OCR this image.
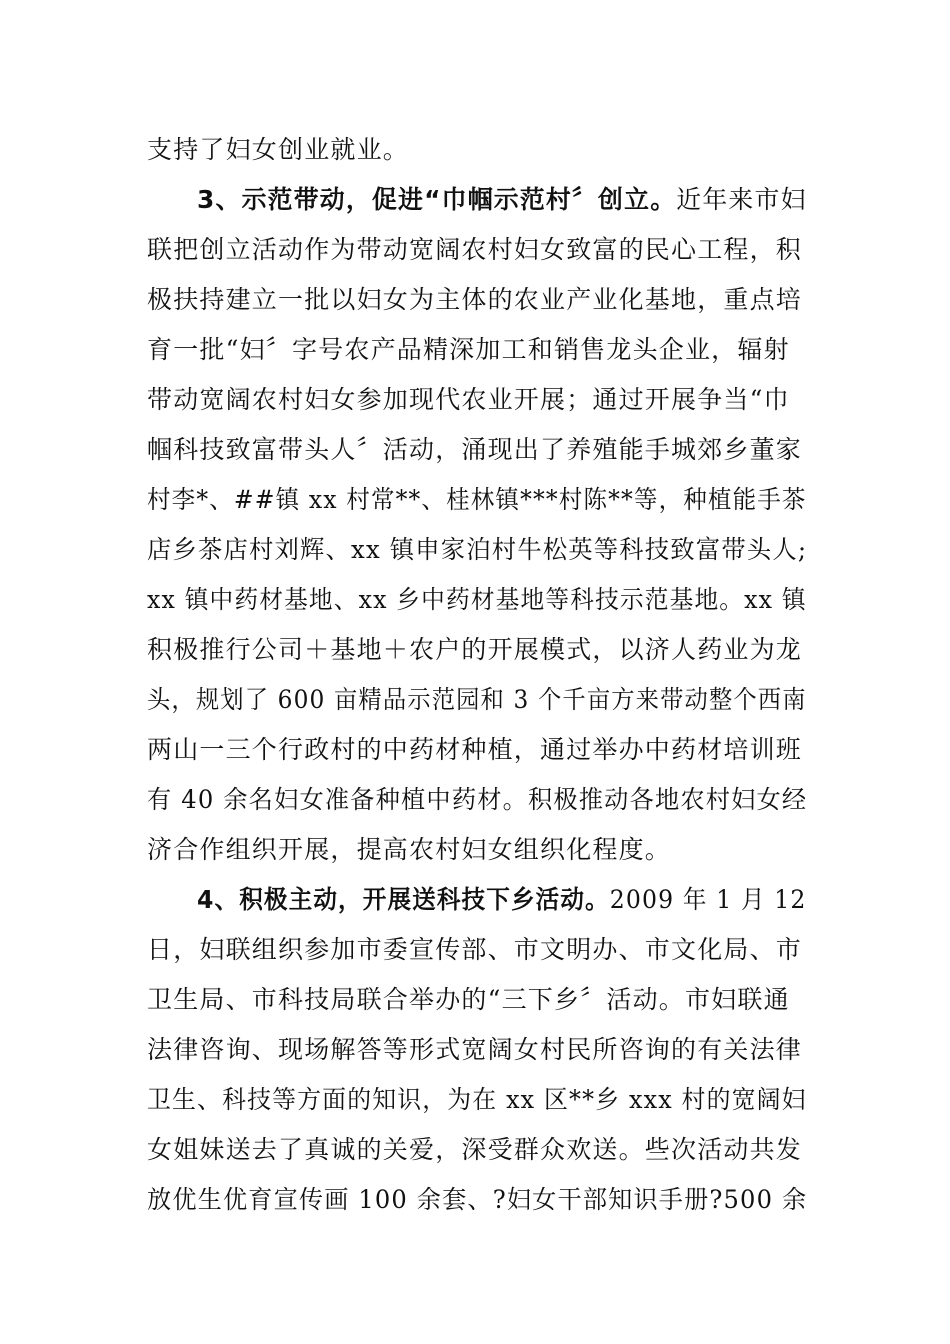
支持了妇女创业就业。
3、示范带动，促进“巾帼示范村〞创立。近年来市妇
联把创立活动作为带动宽阔农村妇女致富的民心工程，积
极扶持建立一批以妇女为主体的农业产业化基地，重点培
育一批“妇〞字号农产品精深加工和销售龙头企业，辐射
带动宽阔农村妇女参加现代农业开展；通过开展争当“巾
帼科技致富带头人〞活动，涌现出了养殖能手城郊乡董家
村李*、##镇 xx 村常**、桂林镇***村陈**等，种植能手茶
店乡茶店村刘辉、xx 镇申家泊村牛松英等科技致富带头人;
xx 镇中药材基地、xx 乡中药材基地等科技示范基地。xx 镇
积极推行公司＋基地＋农户的开展模式，以济人药业为龙
头，规划了 600 亩精品示范园和 3 个千亩方来带动整个西南
两山一三个行政村的中药材种植，通过举办中药材培训班
有 40 余名妇女准备种植中药材。积极推动各地农村妇女经
济合作组织开展，提高农村妇女组织化程度。
4、积极主动，开展送科技下乡活动。2009 年 1 月 12
日，妇联组织参加市委宣传部、市文明办、市文化局、市
卫生局、市科技局联合举办的“三下乡〞活动。市妇联通
法律咨询、现场解答等形式宽阔女村民所咨询的有关法律
卫生、科技等方面的知识，为在 xx 区**乡 xxx 村的宽阔妇
女姐妹送去了真诚的关爱，深受群众欢送。些次活动共发
放优生优育宣传画 100 余套、?妇女干部知识手册?500 余
